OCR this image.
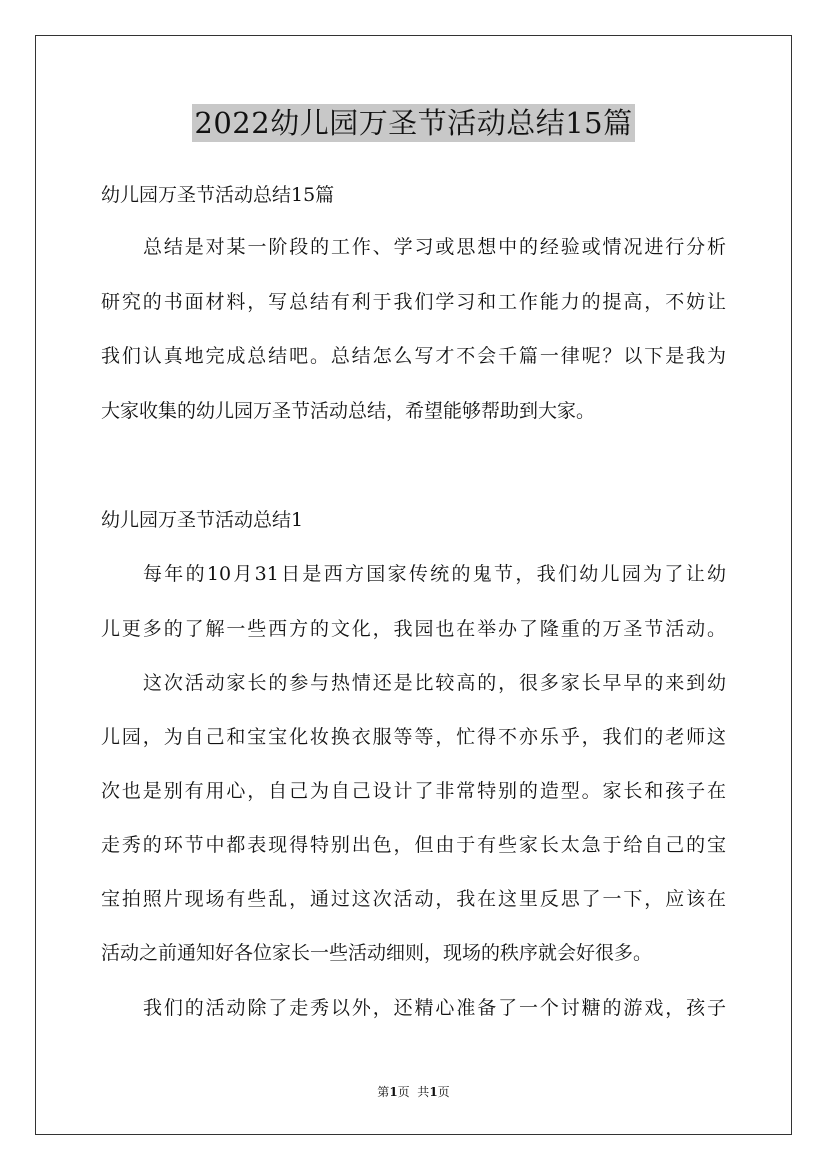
2022幼儿园万圣节活动总结15篇
幼儿园万圣节活动总结15篇
总结是对某一阶段的工作、学习或思想中的经验或情况进行分析
研究的书面材料，写总结有利于我们学习和工作能力的提高，不妨让
我们认真地完成总结吧。总结怎么写才不会千篇一律呢？以下是我为
大家收集的幼儿园万圣节活动总结，希望能够帮助到大家。
幼儿园万圣节活动总结1
每年的10月31日是西方国家传统的鬼节，我们幼儿园为了让幼
儿更多的了解一些西方的文化，我园也在举办了隆重的万圣节活动。
这次活动家长的参与热情还是比较高的，很多家长早早的来到幼
儿园，为自己和宝宝化妆换衣服等等，忙得不亦乐乎，我们的老师这
次也是别有用心，自己为自己设计了非常特别的造型。家长和孩子在
走秀的环节中都表现得特别出色，但由于有些家长太急于给自己的宝
宝拍照片现场有些乱，通过这次活动，我在这里反思了一下，应该在
活动之前通知好各位家长一些活动细则，现场的秩序就会好很多。
我们的活动除了走秀以外，还精心准备了一个讨糖的游戏，孩子
第1页  共1页
